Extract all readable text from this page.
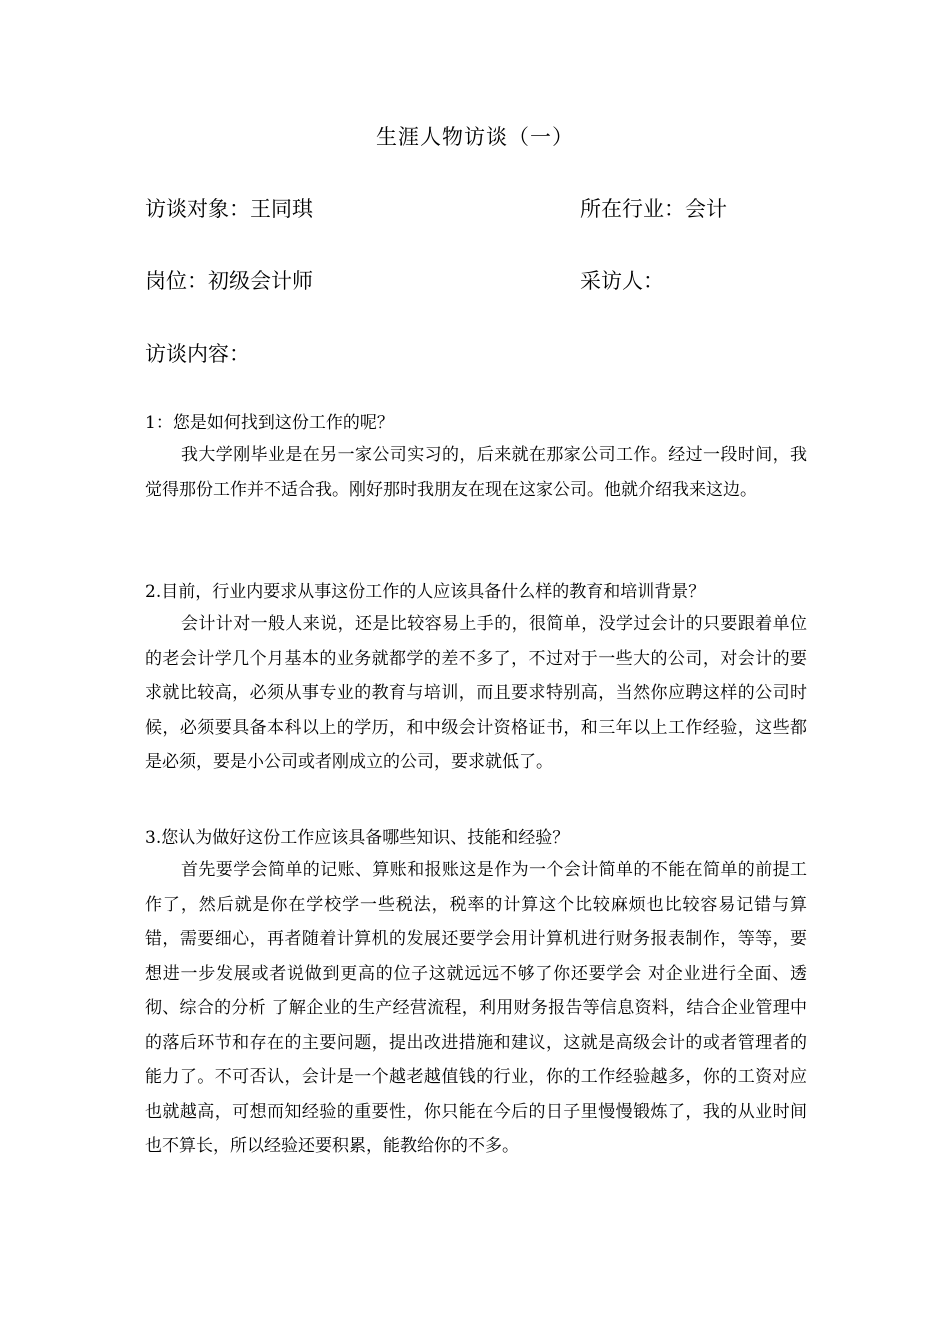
生涯人物访谈（一）
访谈对象：王同琪	所在行业：会计
岗位：初级会计师	采访人：
访谈内容：
1：您是如何找到这份工作的呢？

我大学刚毕业是在另一家公司实习的，后来就在那家公司工作。经过一段时间，我觉得那份工作并不适合我。刚好那时我朋友在现在这家公司。他就介绍我来这边。

2.目前，行业内要求从事这份工作的人应该具备什么样的教育和培训背景？

会计计对一般人来说，还是比较容易上手的，很简单，没学过会计的只要跟着单位的老会计学几个月基本的业务就都学的差不多了，不过对于一些大的公司，对会计的要求就比较高，必须从事专业的教育与培训，而且要求特别高，当然你应聘这样的公司时候，必须要具备本科以上的学历，和中级会计资格证书，和三年以上工作经验，这些都是必须，要是小公司或者刚成立的公司，要求就低了。

3.您认为做好这份工作应该具备哪些知识、技能和经验？

首先要学会简单的记账、算账和报账这是作为一个会计简单的不能在简单的前提工作了，然后就是你在学校学一些税法，税率的计算这个比较麻烦也比较容易记错与算错，需要细心，再者随着计算机的发展还要学会用计算机进行财务报表制作，等等，要想进一步发展或者说做到更高的位子这就远远不够了你还要学会 对企业进行全面、透彻、综合的分析 了解企业的生产经营流程，利用财务报告等信息资料，结合企业管理中的落后环节和存在的主要问题，提出改进措施和建议，这就是高级会计的或者管理者的能力了。不可否认，会计是一个越老越值钱的行业，你的工作经验越多，你的工资对应也就越高，可想而知经验的重要性，你只能在今后的日子里慢慢锻炼了，我的从业时间也不算长，所以经验还要积累，能教给你的不多。
